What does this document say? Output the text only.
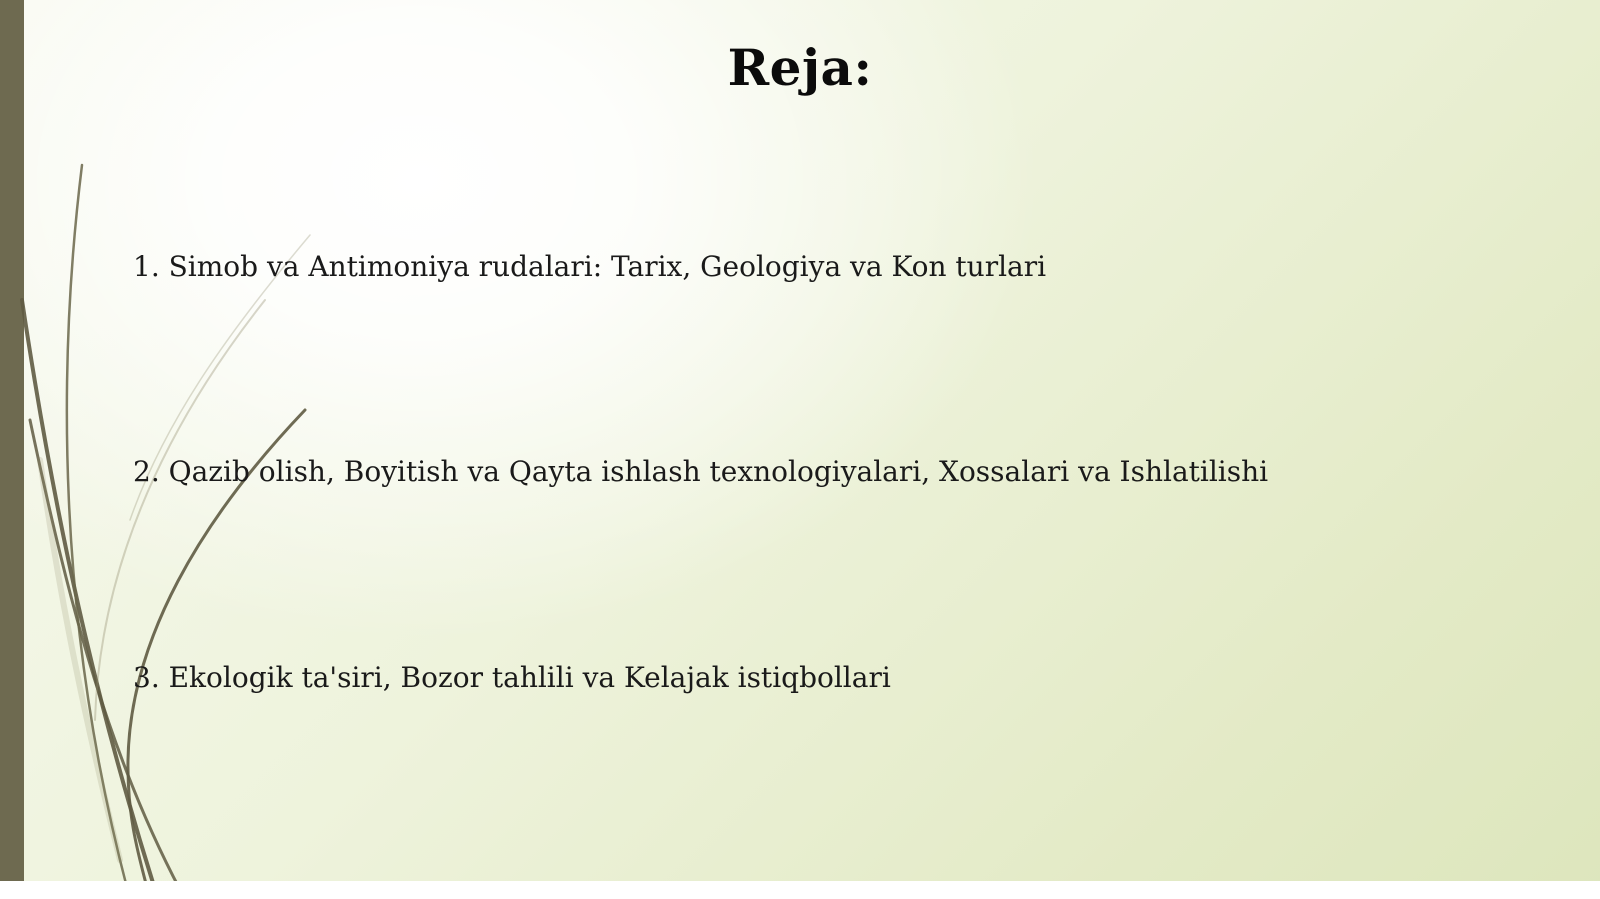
Reja:

1. Simob va Antimoniya rudalari: Tarix, Geologiya va Kon turlari

2. Qazib olish, Boyitish va Qayta ishlash texnologiyalari, Xossalari va Ishlatilishi

3. Ekologik ta'siri, Bozor tahlili va Kelajak istiqbollari
